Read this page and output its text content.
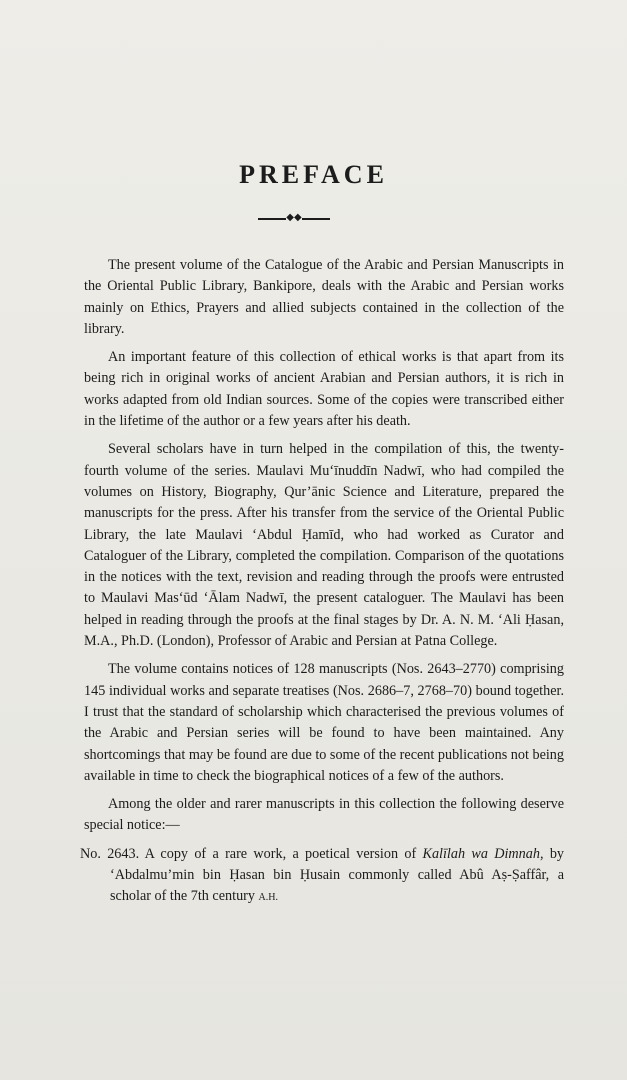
PREFACE
◆◆

The present volume of the Catalogue of the Arabic and Persian Manuscripts in the Oriental Public Library, Bankipore, deals with the Arabic and Persian works mainly on Ethics, Prayers and allied subjects contained in the collection of the library.

An important feature of this collection of ethical works is that apart from its being rich in original works of ancient Arabian and Persian authors, it is rich in works adapted from old Indian sources. Some of the copies were transcribed either in the lifetime of the author or a few years after his death.

Several scholars have in turn helped in the compilation of this, the twenty-fourth volume of the series. Maulavi Mu‘īnuddīn Nadwī, who had compiled the volumes on History, Biography, Qur’ānic Science and Literature, prepared the manuscripts for the press. After his transfer from the service of the Oriental Public Library, the late Maulavi ‘Abdul Ḥamīd, who had worked as Curator and Cataloguer of the Library, completed the compilation. Comparison of the quotations in the notices with the text, revision and reading through the proofs were entrusted to Maulavi Mas‘ūd ‘Ālam Nadwī, the present cataloguer. The Maulavi has been helped in reading through the proofs at the final stages by Dr. A. N. M. ‘Ali Ḥasan, M.A., Ph.D. (London), Professor of Arabic and Persian at Patna College.

The volume contains notices of 128 manuscripts (Nos. 2643–2770) comprising 145 individual works and separate treatises (Nos. 2686–7, 2768–70) bound together. I trust that the standard of scholarship which characterised the previous volumes of the Arabic and Persian series will be found to have been maintained. Any shortcomings that may be found are due to some of the recent publications not being available in time to check the biographical notices of a few of the authors.

Among the older and rarer manuscripts in this collection the following deserve special notice:—

No. 2643. A copy of a rare work, a poetical version of Kalīlah wa Dimnah, by ‘Abdalmu’min bin Ḥasan bin Ḥusain commonly called Abû Aṣ-Ṣaffâr, a scholar of the 7th century A.H.
